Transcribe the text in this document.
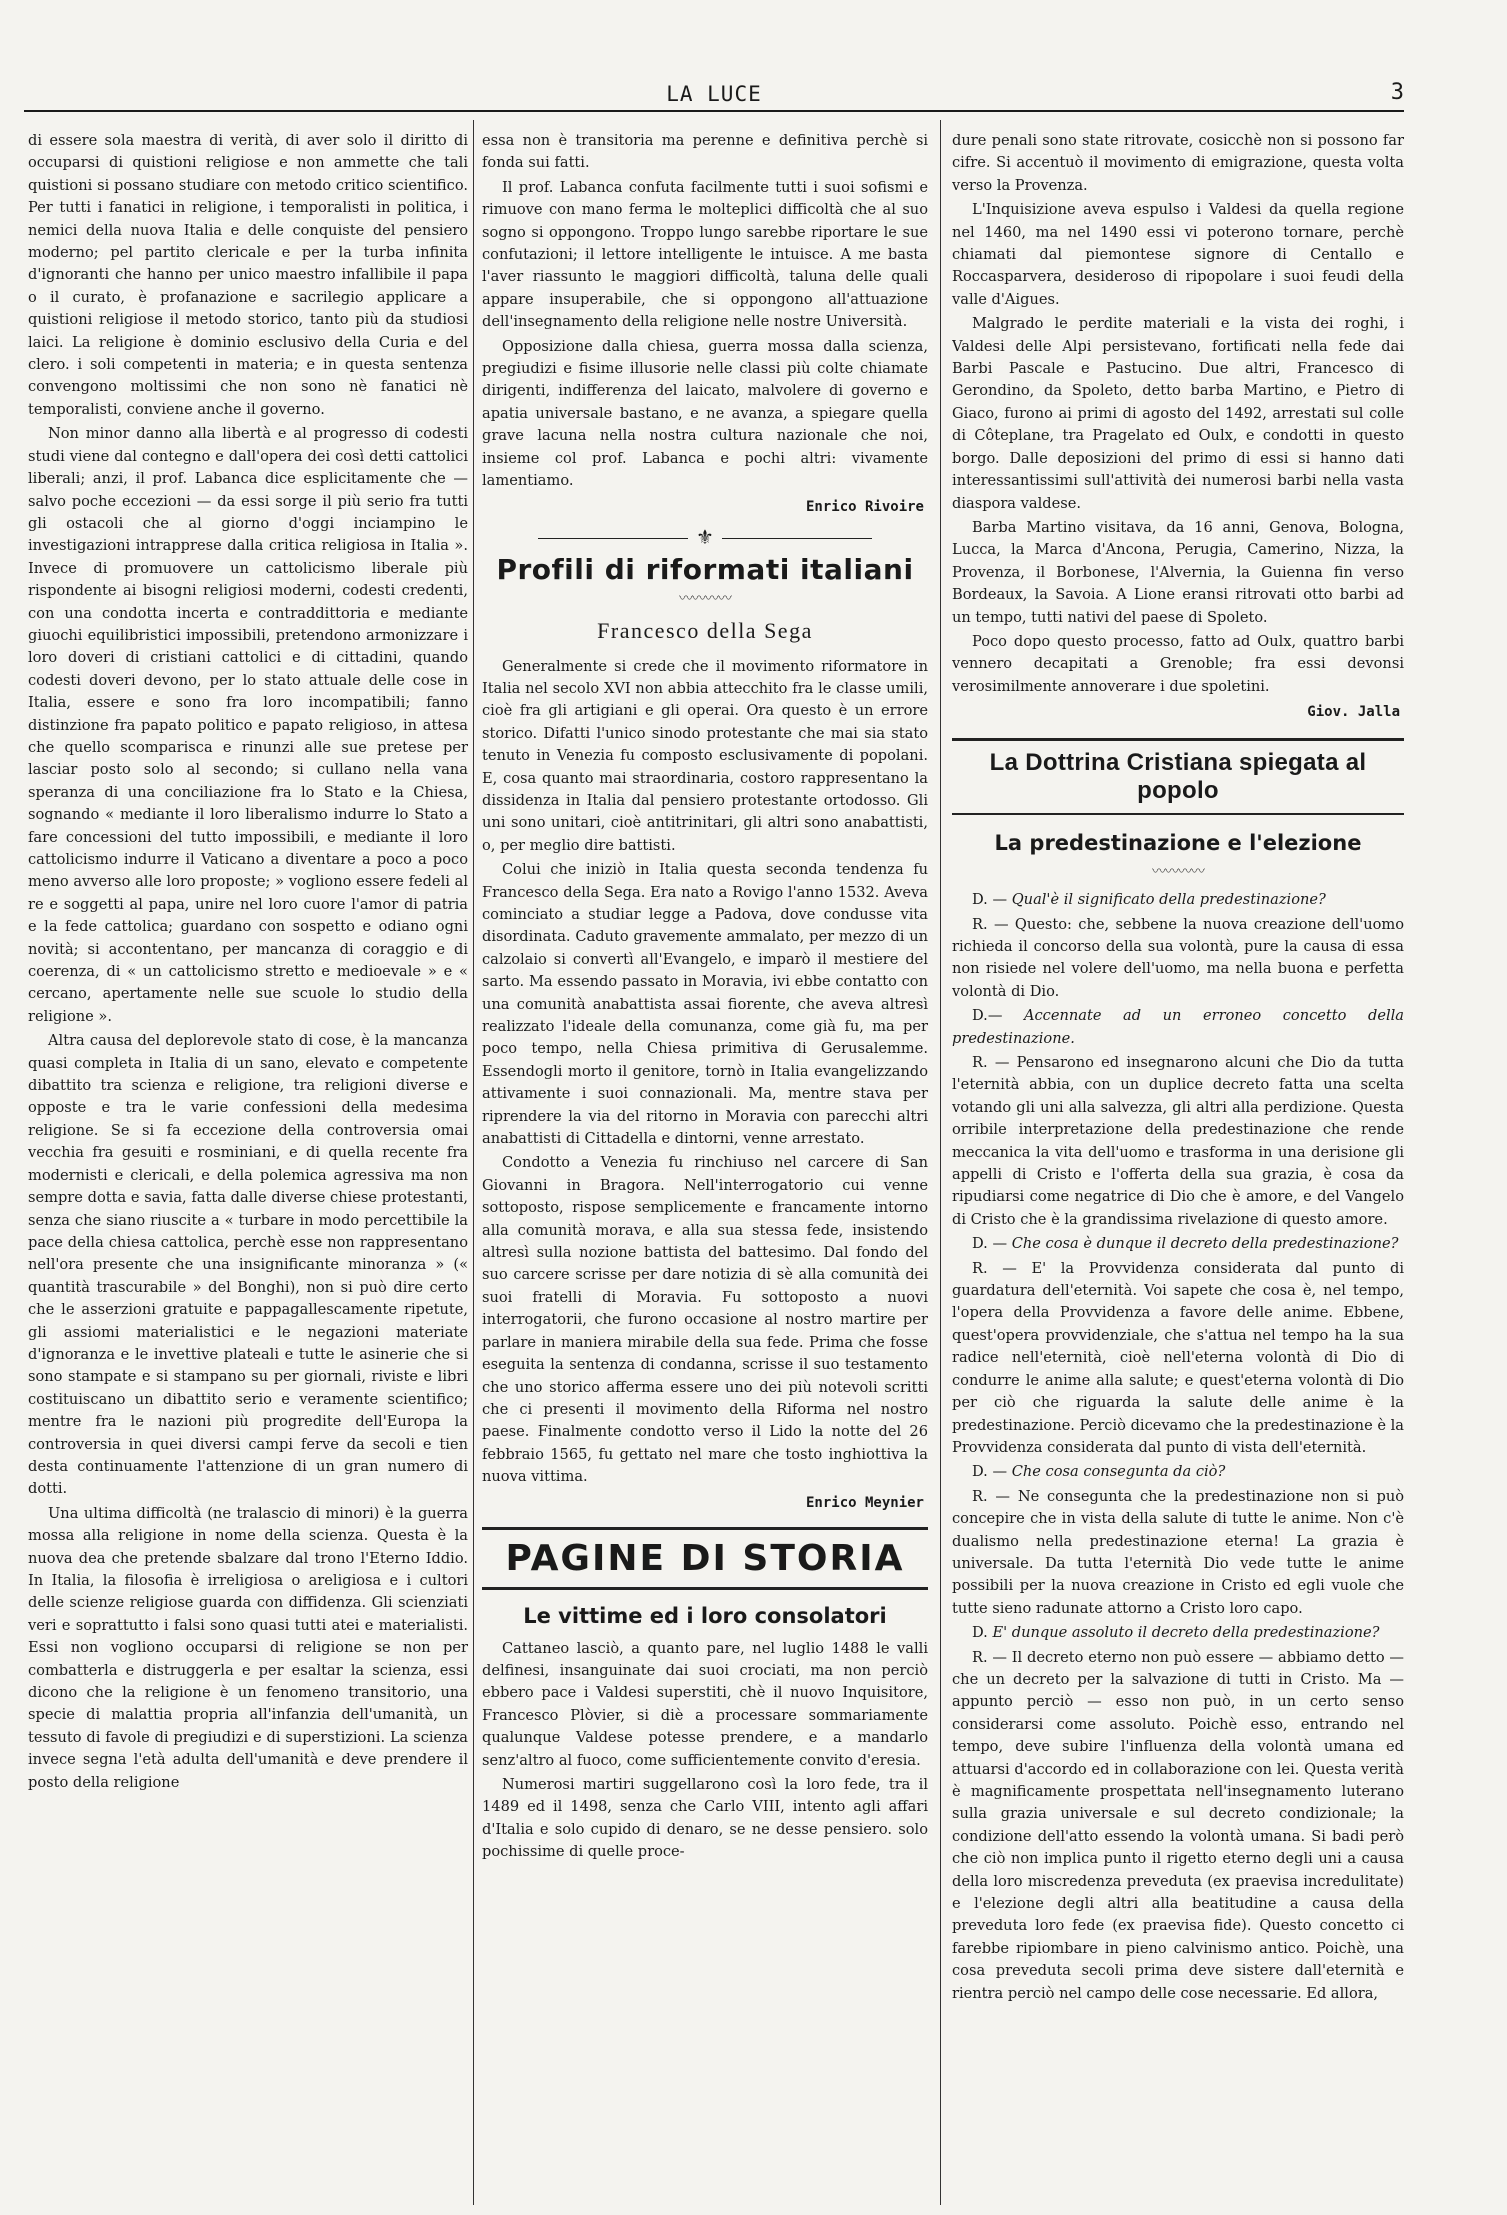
LA LUCE	3

di essere sola maestra di verità, di aver solo il diritto di occuparsi di quistioni religiose e non ammette che tali quistioni si possano studiare con metodo critico scientifico. Per tutti i fanatici in religione, i temporalisti in politica, i nemici della nuova Italia e delle conquiste del pensiero moderno; pel partito clericale e per la turba infinita d'ignoranti che hanno per unico maestro infallibile il papa o il curato, è profanazione e sacrilegio applicare a quistioni religiose il metodo storico, tanto più da studiosi laici. La religione è dominio esclusivo della Curia e del clero. i soli competenti in materia; e in questa sentenza convengono moltissimi che non sono nè fanatici nè temporalisti, conviene anche il governo.

Non minor danno alla libertà e al progresso di codesti studi viene dal contegno e dall'opera dei così detti cattolici liberali; anzi, il prof. Labanca dice esplicitamente che — salvo poche eccezioni — da essi sorge il più serio fra tutti gli ostacoli che al giorno d'oggi inciampino le investigazioni intrapprese dalla critica religiosa in Italia ». Invece di promuovere un cattolicismo liberale più rispondente ai bisogni religiosi moderni, codesti credenti, con una condotta incerta e contraddittoria e mediante giuochi equilibristici impossibili, pretendono armonizzare i loro doveri di cristiani cattolici e di cittadini, quando codesti doveri devono, per lo stato attuale delle cose in Italia, essere e sono fra loro incompatibili; fanno distinzione fra papato politico e papato religioso, in attesa che quello scomparisca e rinunzi alle sue pretese per lasciar posto solo al secondo; si cullano nella vana speranza di una conciliazione fra lo Stato e la Chiesa, sognando « mediante il loro liberalismo indurre lo Stato a fare concessioni del tutto impossibili, e mediante il loro cattolicismo indurre il Vaticano a diventare a poco a poco meno avverso alle loro proposte; » vogliono essere fedeli al re e soggetti al papa, unire nel loro cuore l'amor di patria e la fede cattolica; guardano con sospetto e odiano ogni novità; si accontentano, per mancanza di coraggio e di coerenza, di « un cattolicismo stretto e medioevale » e « cercano, apertamente nelle sue scuole lo studio della religione ».

Altra causa del deplorevole stato di cose, è la mancanza quasi completa in Italia di un sano, elevato e competente dibattito tra scienza e religione, tra religioni diverse e opposte e tra le varie confessioni della medesima religione. Se si fa eccezione della controversia omai vecchia fra gesuiti e rosminiani, e di quella recente fra modernisti e clericali, e della polemica agressiva ma non sempre dotta e savia, fatta dalle diverse chiese protestanti, senza che siano riuscite a « turbare in modo percettibile la pace della chiesa cattolica, perchè esse non rappresentano nell'ora presente che una insignificante minoranza » (« quantità trascurabile » del Bonghi), non si può dire certo che le asserzioni gratuite e pappagallescamente ripetute, gli assiomi materialistici e le negazioni materiate d'ignoranza e le invettive plateali e tutte le asinerie che si sono stampate e si stampano su per giornali, riviste e libri costituiscano un dibattito serio e veramente scientifico; mentre fra le nazioni più progredite dell'Europa la controversia in quei diversi campi ferve da secoli e tien desta continuamente l'attenzione di un gran numero di dotti.

Una ultima difficoltà (ne tralascio di minori) è la guerra mossa alla religione in nome della scienza. Questa è la nuova dea che pretende sbalzare dal trono l'Eterno Iddio. In Italia, la filosofia è irreligiosa o areligiosa e i cultori delle scienze religiose guarda con diffidenza. Gli scienziati veri e soprattutto i falsi sono quasi tutti atei e materialisti. Essi non vogliono occuparsi di religione se non per combatterla e distruggerla e per esaltar la scienza, essi dicono che la religione è un fenomeno transitorio, una specie di malattia propria all'infanzia dell'umanità, un tessuto di favole di pregiudizi e di superstizioni. La scienza invece segna l'età adulta dell'umanità e deve prendere il posto della religione

essa non è transitoria ma perenne e definitiva perchè si fonda sui fatti.

Il prof. Labanca confuta facilmente tutti i suoi sofismi e rimuove con mano ferma le molteplici difficoltà che al suo sogno si oppongono. Troppo lungo sarebbe riportare le sue confutazioni; il lettore intelligente le intuisce. A me basta l'aver riassunto le maggiori difficoltà, taluna delle quali appare insuperabile, che si oppongono all'attuazione dell'insegnamento della religione nelle nostre Università.

Opposizione dalla chiesa, guerra mossa dalla scienza, pregiudizi e fisime illusorie nelle classi più colte chiamate dirigenti, indifferenza del laicato, malvolere di governo e apatia universale bastano, e ne avanza, a spiegare quella grave lacuna nella nostra cultura nazionale che noi, insieme col prof. Labanca e pochi altri: vivamente lamentiamo.

Enrico Rivoire
⚜
Profili di riformati italiani
〰〰〰〰
Francesco della Sega

Generalmente si crede che il movimento riformatore in Italia nel secolo XVI non abbia attecchito fra le classe umili, cioè fra gli artigiani e gli operai. Ora questo è un errore storico. Difatti l'unico sinodo protestante che mai sia stato tenuto in Venezia fu composto esclusivamente di popolani. E, cosa quanto mai straordinaria, costoro rappresentano la dissidenza in Italia dal pensiero protestante ortodosso. Gli uni sono unitari, cioè antitrinitari, gli altri sono anabattisti, o, per meglio dire battisti.

Colui che iniziò in Italia questa seconda tendenza fu Francesco della Sega. Era nato a Rovigo l'anno 1532. Aveva cominciato a studiar legge a Padova, dove condusse vita disordinata. Caduto gravemente ammalato, per mezzo di un calzolaio si convertì all'Evangelo, e imparò il mestiere del sarto. Ma essendo passato in Moravia, ivi ebbe contatto con una comunità anabattista assai fiorente, che aveva altresì realizzato l'ideale della comunanza, come già fu, ma per poco tempo, nella Chiesa primitiva di Gerusalemme. Essendogli morto il genitore, tornò in Italia evangelizzando attivamente i suoi connazionali. Ma, mentre stava per riprendere la via del ritorno in Moravia con parecchi altri anabattisti di Cittadella e dintorni, venne arrestato.

Condotto a Venezia fu rinchiuso nel carcere di San Giovanni in Bragora. Nell'interrogatorio cui venne sottoposto, rispose semplicemente e francamente intorno alla comunità morava, e alla sua stessa fede, insistendo altresì sulla nozione battista del battesimo. Dal fondo del suo carcere scrisse per dare notizia di sè alla comunità dei suoi fratelli di Moravia. Fu sottoposto a nuovi interrogatorii, che furono occasione al nostro martire per parlare in maniera mirabile della sua fede. Prima che fosse eseguita la sentenza di condanna, scrisse il suo testamento che uno storico afferma essere uno dei più notevoli scritti che ci presenti il movimento della Riforma nel nostro paese. Finalmente condotto verso il Lido la notte del 26 febbraio 1565, fu gettato nel mare che tosto inghiottiva la nuova vittima.

Enrico Meynier
PAGINE DI STORIA
Le vittime ed i loro consolatori

Cattaneo lasciò, a quanto pare, nel luglio 1488 le valli delfinesi, insanguinate dai suoi crociati, ma non perciò ebbero pace i Valdesi superstiti, chè il nuovo Inquisitore, Francesco Plòvier, si diè a processare sommariamente qualunque Valdese potesse prendere, e a mandarlo senz'altro al fuoco, come sufficientemente convito d'eresia.

Numerosi martiri suggellarono così la loro fede, tra il 1489 ed il 1498, senza che Carlo VIII, intento agli affari d'Italia e solo cupido di denaro, se ne desse pensiero. solo pochissime di quelle proce-

dure penali sono state ritrovate, cosicchè non si possono far cifre. Si accentuò il movimento di emigrazione, questa volta verso la Provenza.

L'Inquisizione aveva espulso i Valdesi da quella regione nel 1460, ma nel 1490 essi vi poterono tornare, perchè chiamati dal piemontese signore di Centallo e Roccasparvera, desideroso di ripopolare i suoi feudi della valle d'Aigues.

Malgrado le perdite materiali e la vista dei roghi, i Valdesi delle Alpi persistevano, fortificati nella fede dai Barbi Pascale e Pastucino. Due altri, Francesco di Gerondino, da Spoleto, detto barba Martino, e Pietro di Giaco, furono ai primi di agosto del 1492, arrestati sul colle di Côteplane, tra Pragelato ed Oulx, e condotti in questo borgo. Dalle deposizioni del primo di essi si hanno dati interessantissimi sull'attività dei numerosi barbi nella vasta diaspora valdese.

Barba Martino visitava, da 16 anni, Genova, Bologna, Lucca, la Marca d'Ancona, Perugia, Camerino, Nizza, la Provenza, il Borbonese, l'Alvernia, la Guienna fin verso Bordeaux, la Savoia. A Lione eransi ritrovati otto barbi ad un tempo, tutti nativi del paese di Spoleto.

Poco dopo questo processo, fatto ad Oulx, quattro barbi vennero decapitati a Grenoble; fra essi devonsi verosimilmente annoverare i due spoletini.

Giov. Jalla
La Dottrina Cristiana spiegata al popolo
La predestinazione e l'elezione
〰〰〰〰

D. — Qual'è il significato della predestinazione?

R. — Questo: che, sebbene la nuova creazione dell'uomo richieda il concorso della sua volontà, pure la causa di essa non risiede nel volere dell'uomo, ma nella buona e perfetta volontà di Dio.

D.— Accennate ad un erroneo concetto della predestinazione.

R. — Pensarono ed insegnarono alcuni che Dio da tutta l'eternità abbia, con un duplice decreto fatta una scelta votando gli uni alla salvezza, gli altri alla perdizione. Questa orribile interpretazione della predestinazione che rende meccanica la vita dell'uomo e trasforma in una derisione gli appelli di Cristo e l'offerta della sua grazia, è cosa da ripudiarsi come negatrice di Dio che è amore, e del Vangelo di Cristo che è la grandissima rivelazione di questo amore.

D. — Che cosa è dunque il decreto della predestinazione?

R. — E' la Provvidenza considerata dal punto di guardatura dell'eternità. Voi sapete che cosa è, nel tempo, l'opera della Provvidenza a favore delle anime. Ebbene, quest'opera provvidenziale, che s'attua nel tempo ha la sua radice nell'eternità, cioè nell'eterna volontà di Dio di condurre le anime alla salute; e quest'eterna volontà di Dio per ciò che riguarda la salute delle anime è la predestinazione. Perciò dicevamo che la predestinazione è la Provvidenza considerata dal punto di vista dell'eternità.

D. — Che cosa consegunta da ciò?

R. — Ne consegunta che la predestinazione non si può concepire che in vista della salute di tutte le anime. Non c'è dualismo nella predestinazione eterna! La grazia è universale. Da tutta l'eternità Dio vede tutte le anime possibili per la nuova creazione in Cristo ed egli vuole che tutte sieno radunate attorno a Cristo loro capo.

D. E' dunque assoluto il decreto della predestinazione?

R. — Il decreto eterno non può essere — abbiamo detto — che un decreto per la salvazione di tutti in Cristo. Ma — appunto perciò — esso non può, in un certo senso considerarsi come assoluto. Poichè esso, entrando nel tempo, deve subire l'influenza della volontà umana ed attuarsi d'accordo ed in collaborazione con lei. Questa verità è magnificamente prospettata nell'insegnamento luterano sulla grazia universale e sul decreto condizionale; la condizione dell'atto essendo la volontà umana. Si badi però che ciò non implica punto il rigetto eterno degli uni a causa della loro miscredenza preveduta (ex praevisa incredulitate) e l'elezione degli altri alla beatitudine a causa della preveduta loro fede (ex praevisa fide). Questo concetto ci farebbe ripiombare in pieno calvinismo antico. Poichè, una cosa preveduta secoli prima deve sistere dall'eternità e rientra perciò nel campo delle cose necessarie. Ed allora,
